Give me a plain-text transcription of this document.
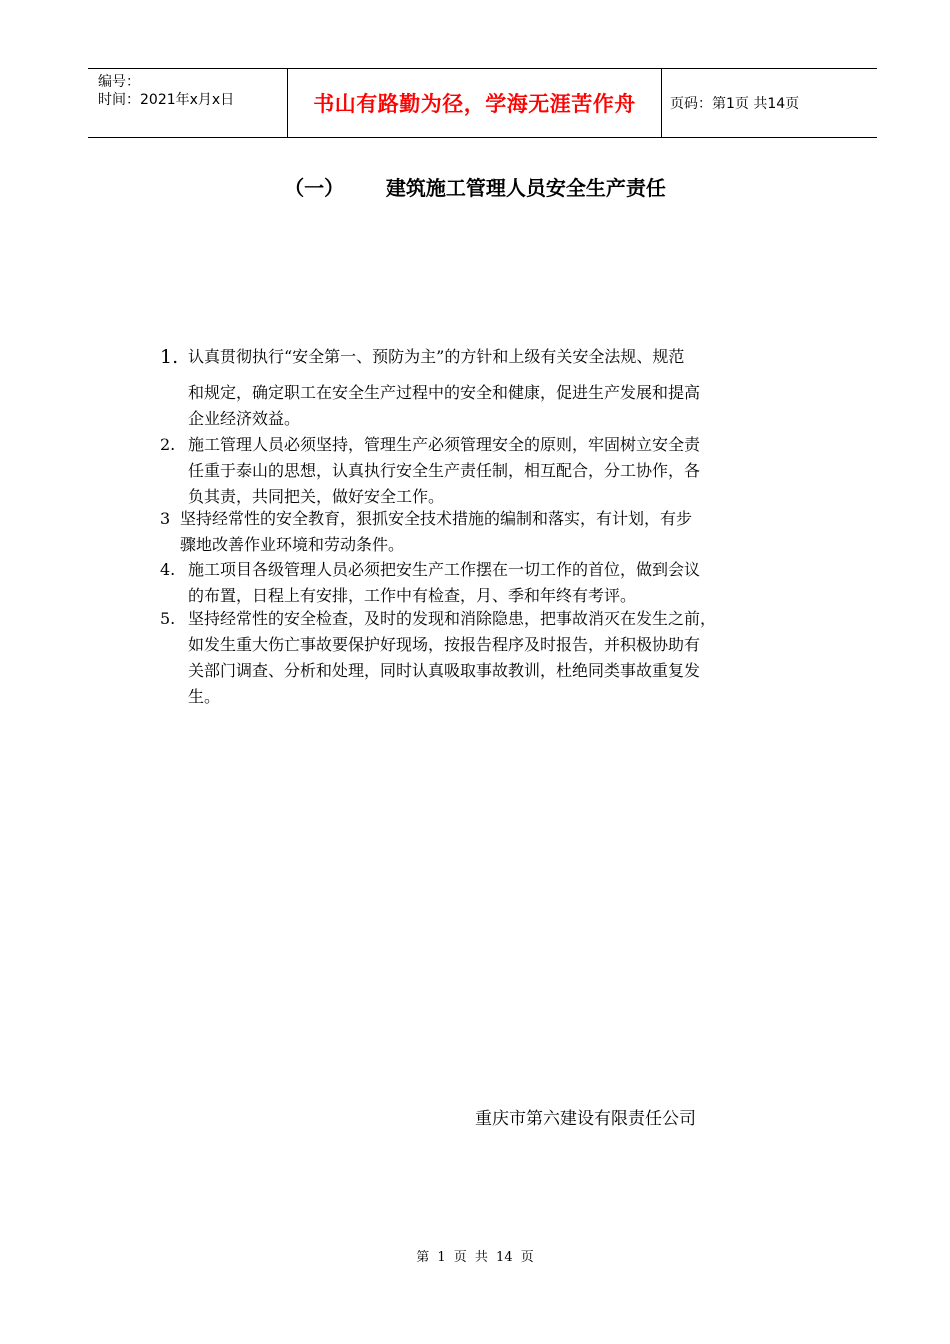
编号：
时间：2021年x月x日	书山有路勤为径，学海无涯苦作舟 页码：第1页 共14页
（一）      建筑施工管理人员安全生产责任
1. 认真贯彻执行“安全第一、预防为主”的方针和上级有关安全法规、规范
和规定，确定职工在安全生产过程中的安全和健康，促进生产发展和提高
企业经济效益。
2. 施工管理人员必须坚持，管理生产必须管理安全的原则，牢固树立安全责
任重于泰山的思想，认真执行安全生产责任制，相互配合，分工协作，各
负其责，共同把关，做好安全工作。
3 坚持经常性的安全教育，狠抓安全技术措施的编制和落实，有计划，有步
骤地改善作业环境和劳动条件。
4. 施工项目各级管理人员必须把安生产工作摆在一切工作的首位，做到会议
的布置，日程上有安排，工作中有检查，月、季和年终有考评。
5. 坚持经常性的安全检查，及时的发现和消除隐患，把事故消灭在发生之前，
如发生重大伤亡事故要保护好现场，按报告程序及时报告，并积极协助有
关部门调查、分析和处理，同时认真吸取事故教训，杜绝同类事故重复发
生。
重庆市第六建设有限责任公司
第 1 页 共 14 页
